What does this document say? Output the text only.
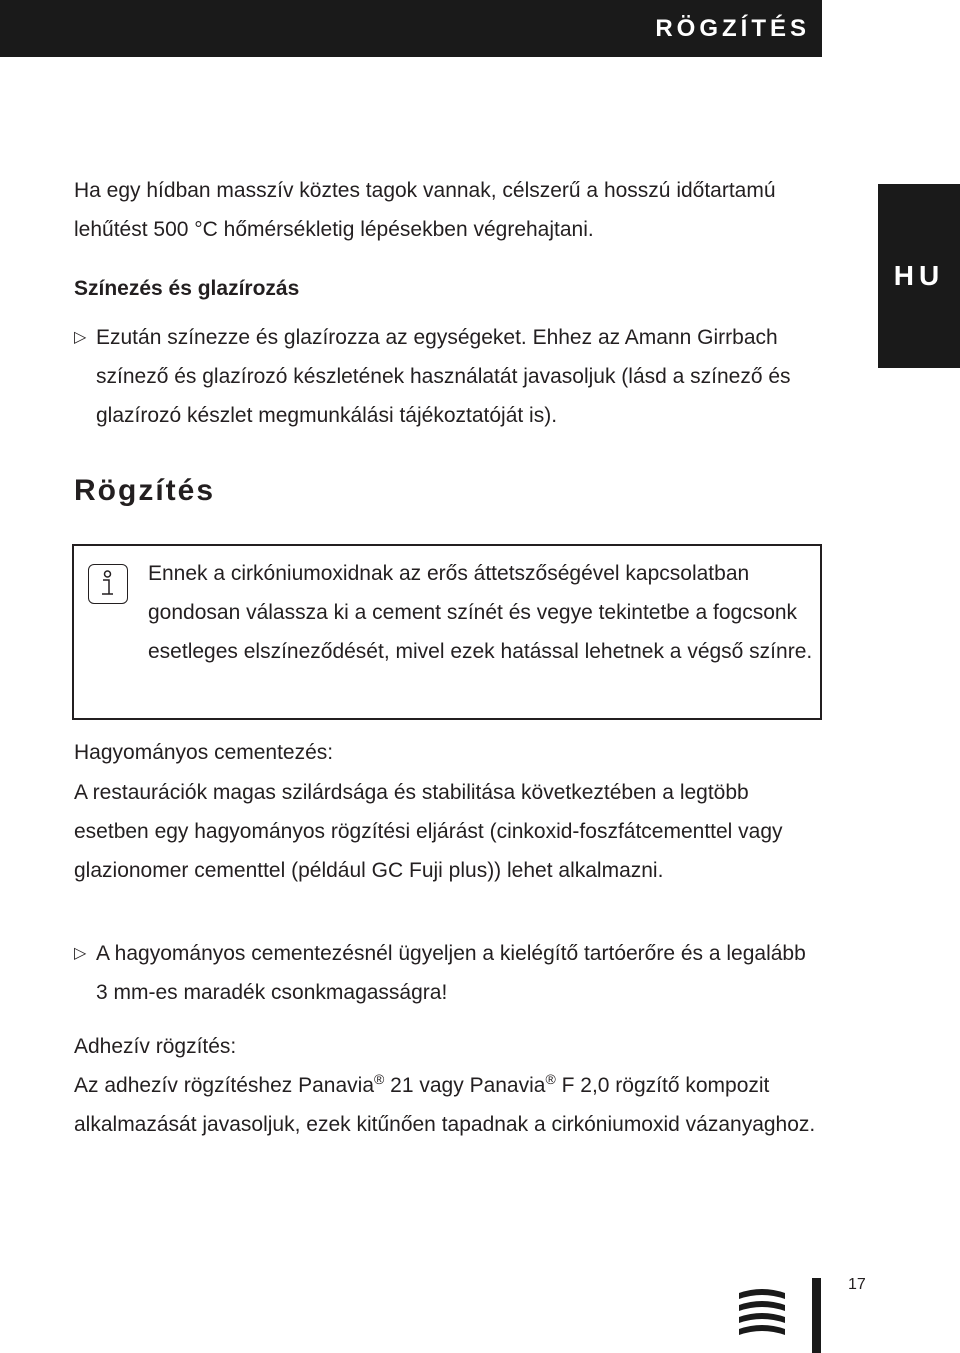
RÖGZÍTÉS
HU

Ha egy hídban masszív köztes tagok vannak, célszerű a hosszú időtartamú lehűtést 500 °C hőmérsékletig lépésekben végrehajtani.

Színezés és glazírozás

▷ Ezután színezze és glazírozza az egységeket. Ehhez az Amann Girrbach színező és glazírozó készletének használatát javasoljuk (lásd a színező és glazírozó készlet megmunkálási tájékoztatóját is).
Rögzítés

Ennek a cirkóniumoxidnak az erős áttetszőségével kapcsolatban gondosan válassza ki a cement színét és vegye tekintetbe a fogcsonk esetleges elszíneződését, mivel ezek hatással lehetnek a végső színre.

Hagyományos cementezés:

A restaurációk magas szilárdsága és stabilitása következtében a legtöbb esetben egy hagyományos rögzítési eljárást (cinkoxid-foszfátcementtel vagy glazionomer cementtel (például GC Fuji plus)) lehet alkalmazni.

▷ A hagyományos cementezésnél ügyeljen a kielégítő tartóerőre és a legalább 3 mm-es maradék csonkmagasságra!

Adhezív rögzítés:

Az adhezív rögzítéshez Panavia® 21 vagy Panavia® F 2,0 rögzítő kompozit alkalmazását javasoljuk, ezek kitűnően tapadnak a cirkóniumoxid vázanyaghoz.

17
